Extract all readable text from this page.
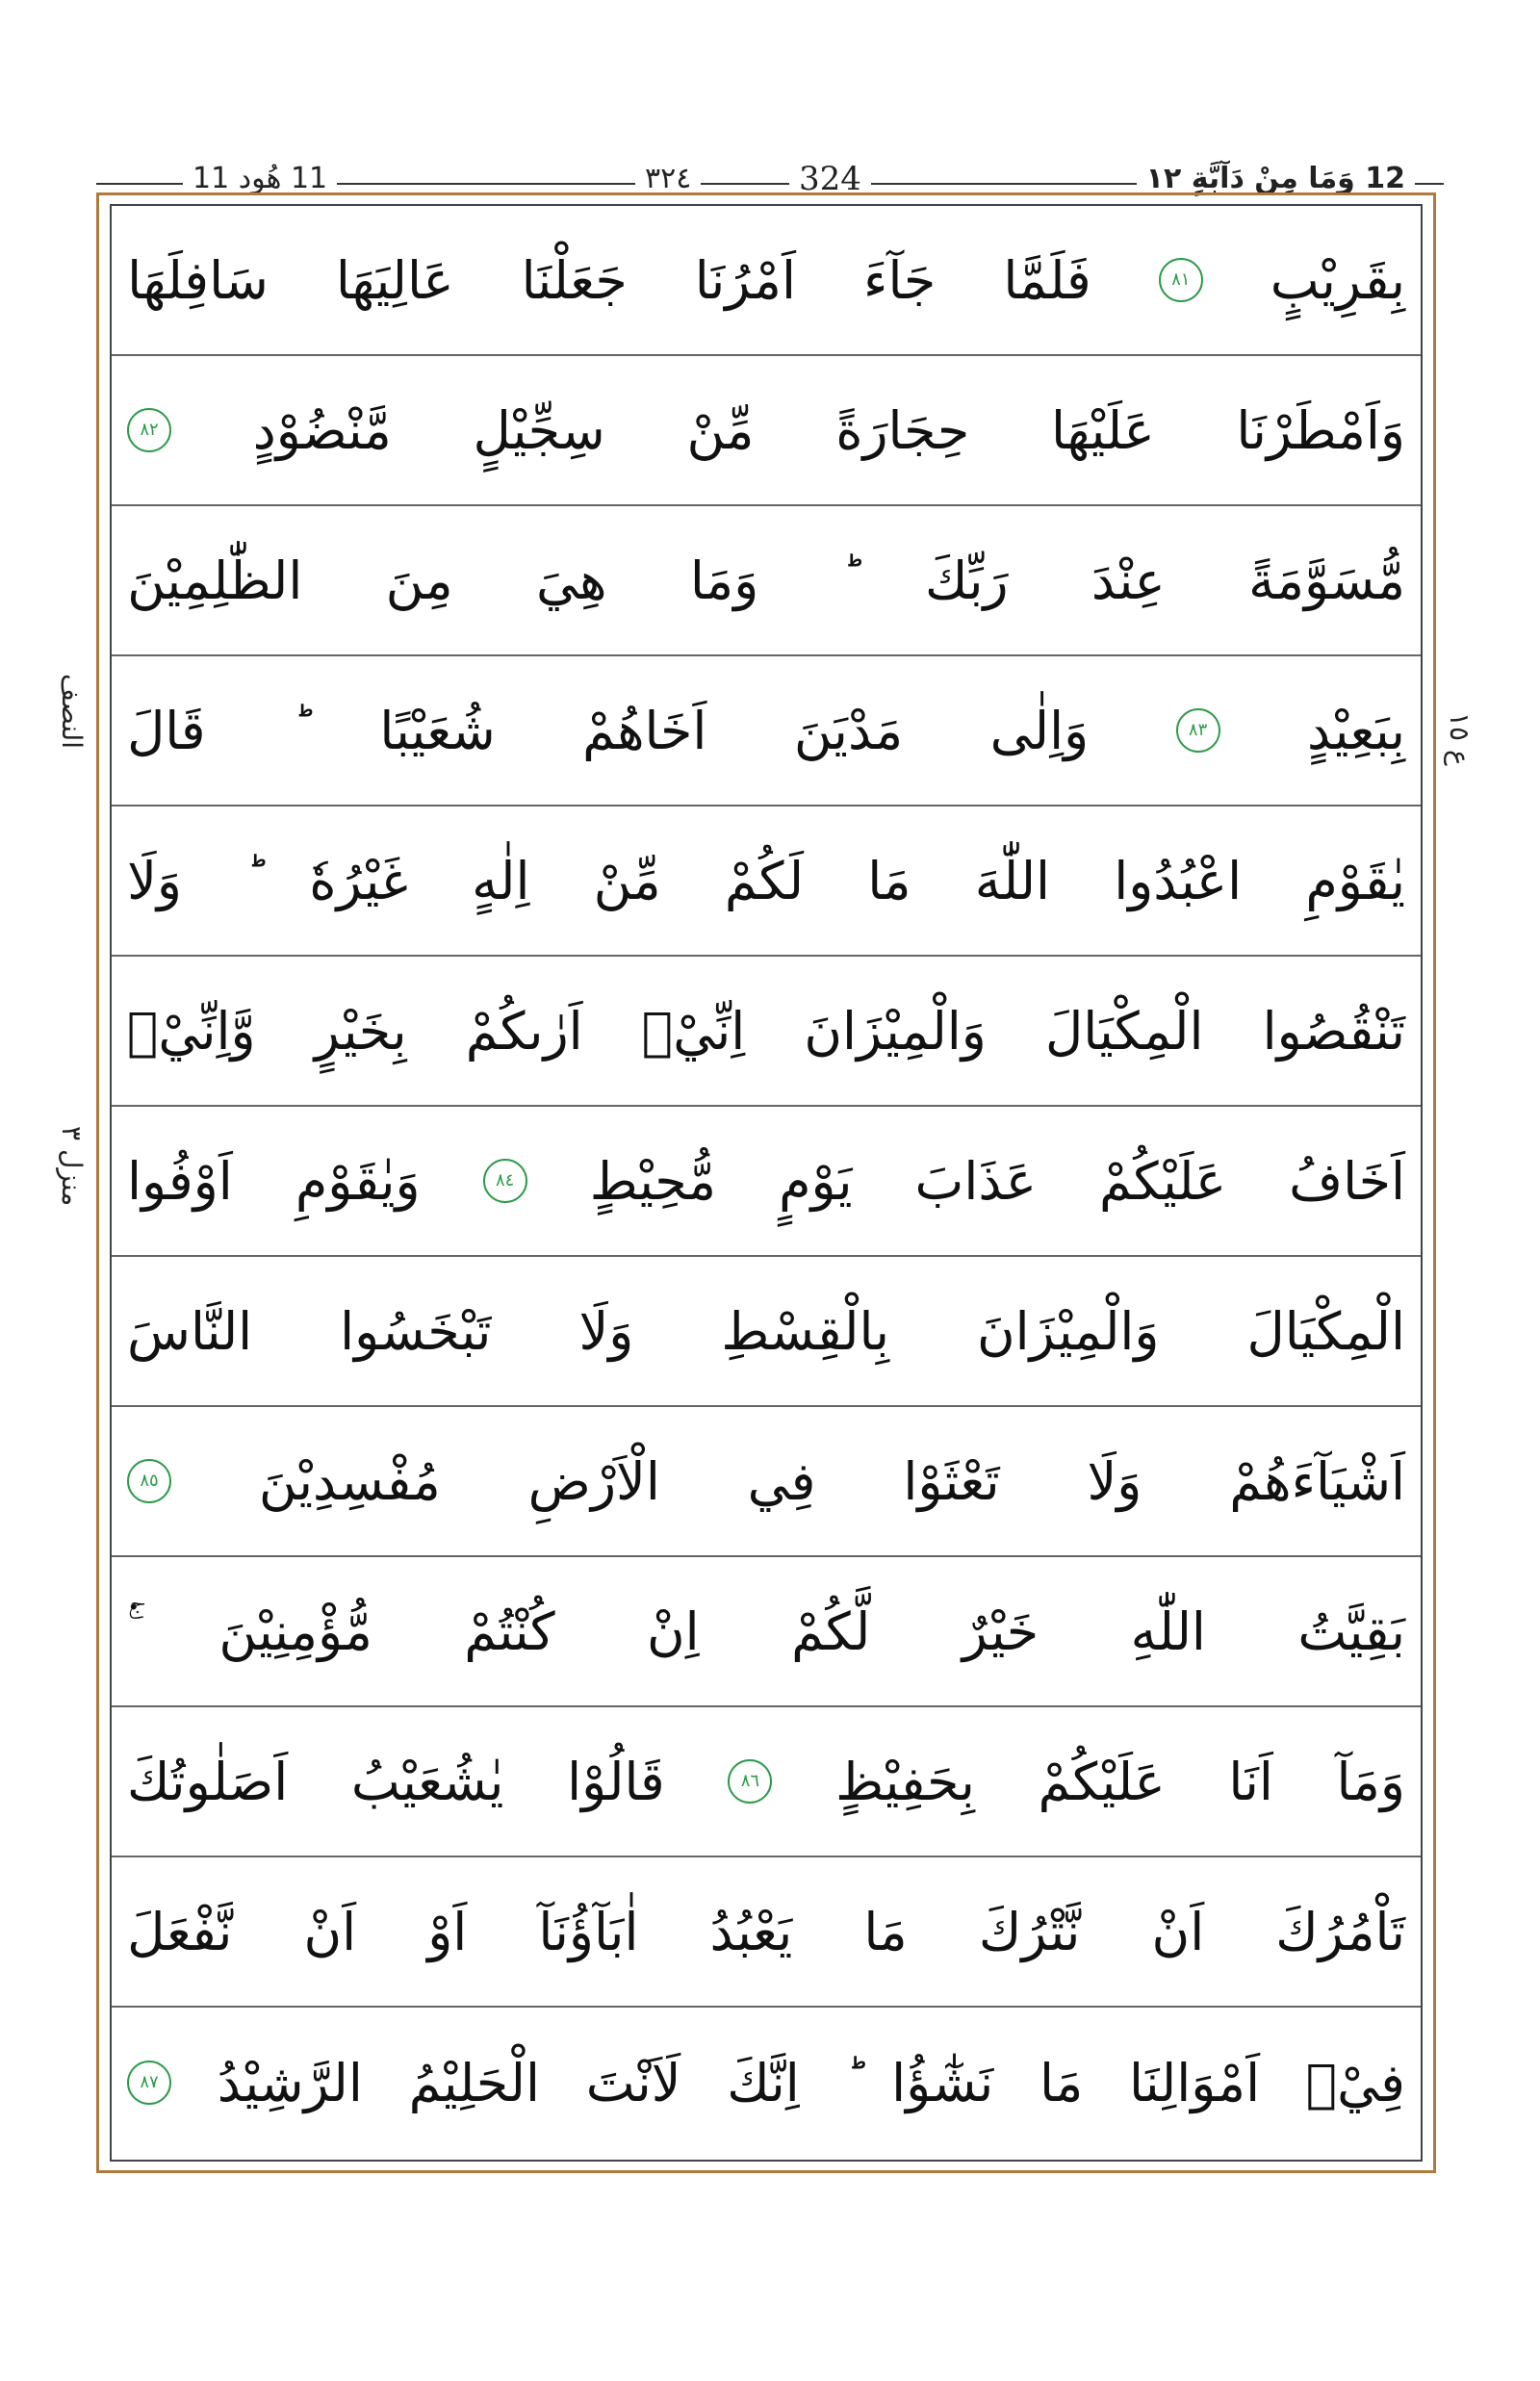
11 هُود 11	٣٢٤	324	12 وَمَا مِنْ دَآبَّةٍ ١٢
النصف
منزل ٣
ع ١٥
بِقَرِيْبٍ
٨١
فَلَمَّا
جَآءَ
اَمْرُنَا
جَعَلْنَا
عَالِيَهَا
سَافِلَهَا
وَاَمْطَرْنَا
عَلَيْهَا
حِجَارَةً
مِّنْ
سِجِّيْلٍ
مَّنْضُوْدٍ
٨٢
مُّسَوَّمَةً
عِنْدَ
رَبِّكَ
وَمَا
هِيَ
مِنَ
الظّٰلِمِيْنَ
بِبَعِيْدٍ
٨٣
وَاِلٰى
مَدْيَنَ
اَخَاهُمْ
شُعَيْبًا
قَالَ
يٰقَوْمِ
اعْبُدُوا
اللّٰهَ
مَا
لَكُمْ
مِّنْ
اِلٰهٍ
غَيْرُهٗ
وَلَا
تَنْقُصُوا
الْمِكْيَالَ
وَالْمِيْزَانَ
اِنِّيْۤ
اَرٰىكُمْ
بِخَيْرٍ
وَّاِنِّيْۤ
اَخَافُ
عَلَيْكُمْ
عَذَابَ
يَوْمٍ
مُّحِيْطٍ
٨٤
وَيٰقَوْمِ
اَوْفُوا
الْمِكْيَالَ
وَالْمِيْزَانَ
بِالْقِسْطِ
وَلَا
تَبْخَسُوا
النَّاسَ
اَشْيَآءَهُمْ
وَلَا
تَعْثَوْا
فِي
الْاَرْضِ
مُفْسِدِيْنَ
٨٥
بَقِيَّتُ
اللّٰهِ
خَيْرٌ
لَّكُمْ
اِنْ
كُنْتُمْ
مُّؤْمِنِيْنَ
وَمَآ
اَنَا
عَلَيْكُمْ
بِحَفِيْظٍ
٨٦
قَالُوْا
يٰشُعَيْبُ
اَصَلٰوتُكَ
تَاْمُرُكَ
اَنْ
نَّتْرُكَ
مَا
يَعْبُدُ
اٰبَآؤُنَآ
اَوْ
اَنْ
نَّفْعَلَ
فِيْۤ
اَمْوَالِنَا
مَا
نَشٰٓؤُا
اِنَّكَ
لَاَنْتَ
الْحَلِيْمُ
الرَّشِيْدُ
٨٧
